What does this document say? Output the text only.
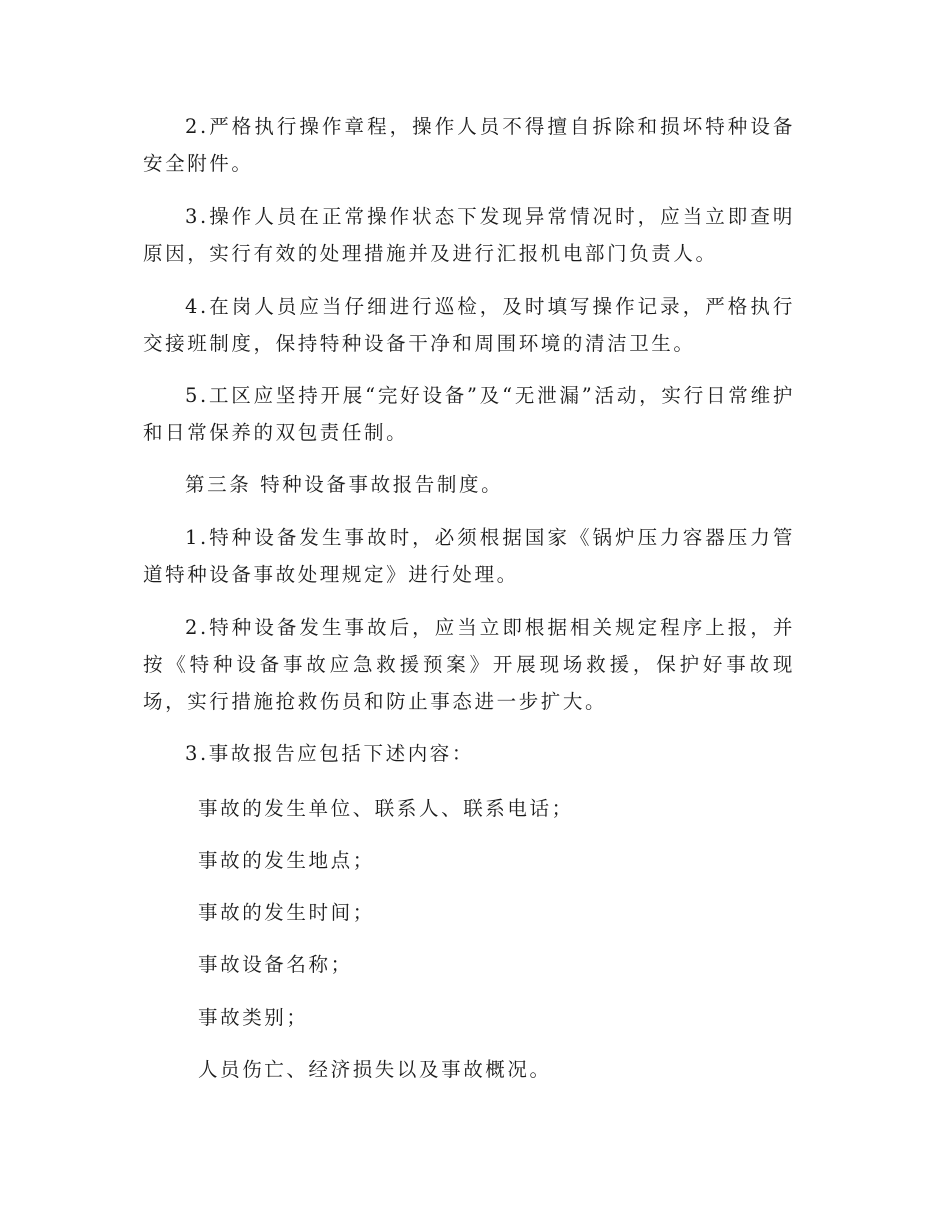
2.严格执行操作章程，操作人员不得擅自拆除和损坏特种设备安全附件。

3.操作人员在正常操作状态下发现异常情况时，应当立即查明原因，实行有效的处理措施并及进行汇报机电部门负责人。

4.在岗人员应当仔细进行巡检，及时填写操作记录，严格执行交接班制度，保持特种设备干净和周围环境的清洁卫生。

5.工区应坚持开展“完好设备”及“无泄漏”活动，实行日常维护和日常保养的双包责任制。

第三条 特种设备事故报告制度。

1.特种设备发生事故时，必须根据国家《锅炉压力容器压力管道特种设备事故处理规定》进行处理。

2.特种设备发生事故后，应当立即根据相关规定程序上报，并按《特种设备事故应急救援预案》开展现场救援，保护好事故现场，实行措施抢救伤员和防止事态进一步扩大。

3.事故报告应包括下述内容：

事故的发生单位、联系人、联系电话；

事故的发生地点；

事故的发生时间；

事故设备名称；

事故类别；

人员伤亡、经济损失以及事故概况。
